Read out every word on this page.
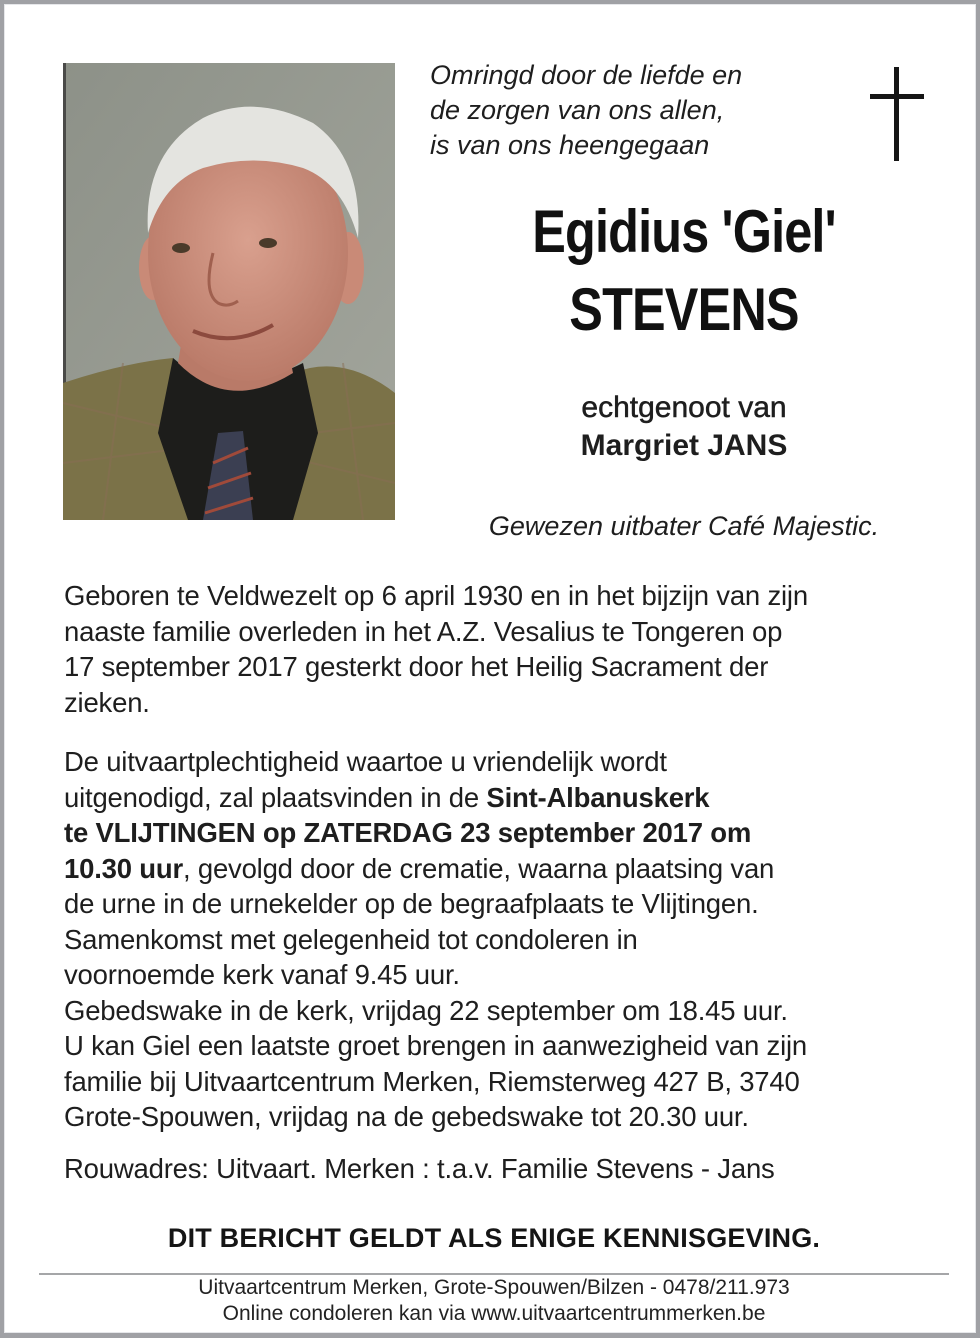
Omringd door de liefde en
de zorgen van ons allen,
is van ons heengegaan
Egidius 'Giel'
STEVENS
echtgenoot van
Margriet JANS
Gewezen uitbater Café Majestic.
Geboren te Veldwezelt op 6 april 1930 en in het bijzijn van zijn
naaste familie overleden in het A.Z. Vesalius te Tongeren op
17 september 2017 gesterkt door het Heilig Sacrament der
zieken.
De uitvaartplechtigheid waartoe u vriendelijk wordt
uitgenodigd, zal plaatsvinden in de Sint-Albanuskerk
te VLIJTINGEN op ZATERDAG 23 september 2017 om
10.30 uur, gevolgd door de crematie, waarna plaatsing van
de urne in de urnekelder op de begraafplaats te Vlijtingen.
Samenkomst met gelegenheid tot condoleren in
voornoemde kerk vanaf 9.45 uur.
Gebedswake in de kerk, vrijdag 22 september om 18.45 uur.
U kan Giel een laatste groet brengen in aanwezigheid van zijn
familie bij Uitvaartcentrum Merken, Riemsterweg 427 B, 3740
Grote-Spouwen, vrijdag na de gebedswake tot 20.30 uur.
Rouwadres: Uitvaart. Merken : t.a.v. Familie Stevens - Jans
DIT BERICHT GELDT ALS ENIGE KENNISGEVING.
Uitvaartcentrum Merken, Grote-Spouwen/Bilzen - 0478/211.973
Online condoleren kan via www.uitvaartcentrummerken.be
